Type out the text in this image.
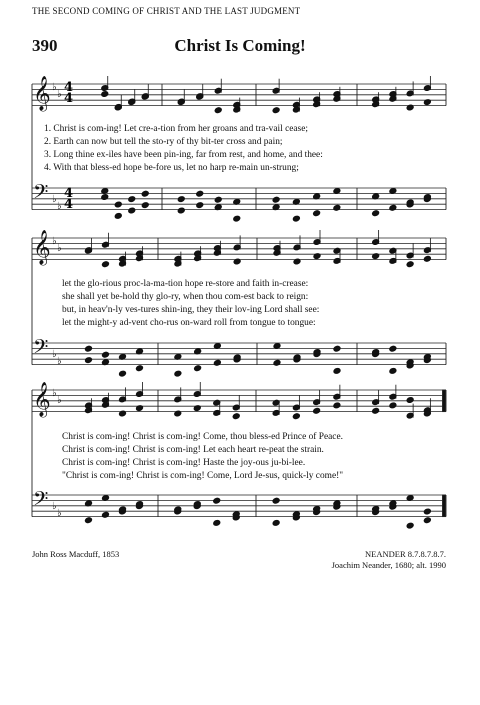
THE SECOND COMING OF CHRIST AND THE LAST JUDGMENT
390	Christ Is Coming!
𝄞 ♭
♭
𝄢 ♭
♭
𝄞 ♭
♭
𝄢 ♭
♭
𝄞 ♭
♭
𝄢 ♭
♭
4
4
4
4
1. Christ is com-ing! Let cre-a-tion from her groans and tra-vail cease;
2. Earth can now but tell the sto-ry of thy bit-ter cross and pain;
3. Long thine ex-iles have been pin-ing, far from rest, and home, and thee:
4. With that bless-ed hope be-fore us, let no harp re-main un-strung;
let the glo-rious proc-la-ma-tion hope re-store and faith in-crease:
she shall yet be-hold thy glo-ry, when thou com-est back to reign:
but, in heav'n-ly ves-tures shin-ing, they their lov-ing Lord shall see:
let the might-y ad-vent cho-rus on-ward roll from tongue to tongue:
Christ is com-ing! Christ is com-ing! Come, thou bless-ed Prince of Peace.
Christ is com-ing! Christ is com-ing! Let each heart re-peat the strain.
Christ is com-ing! Christ is com-ing! Haste the joy-ous ju-bi-lee.
"Christ is com-ing! Christ is com-ing! Come, Lord Je-sus, quick-ly come!"
John Ross Macduff, 1853	NEANDER 8.7.8.7.8.7.
Joachim Neander, 1680; alt. 1990
